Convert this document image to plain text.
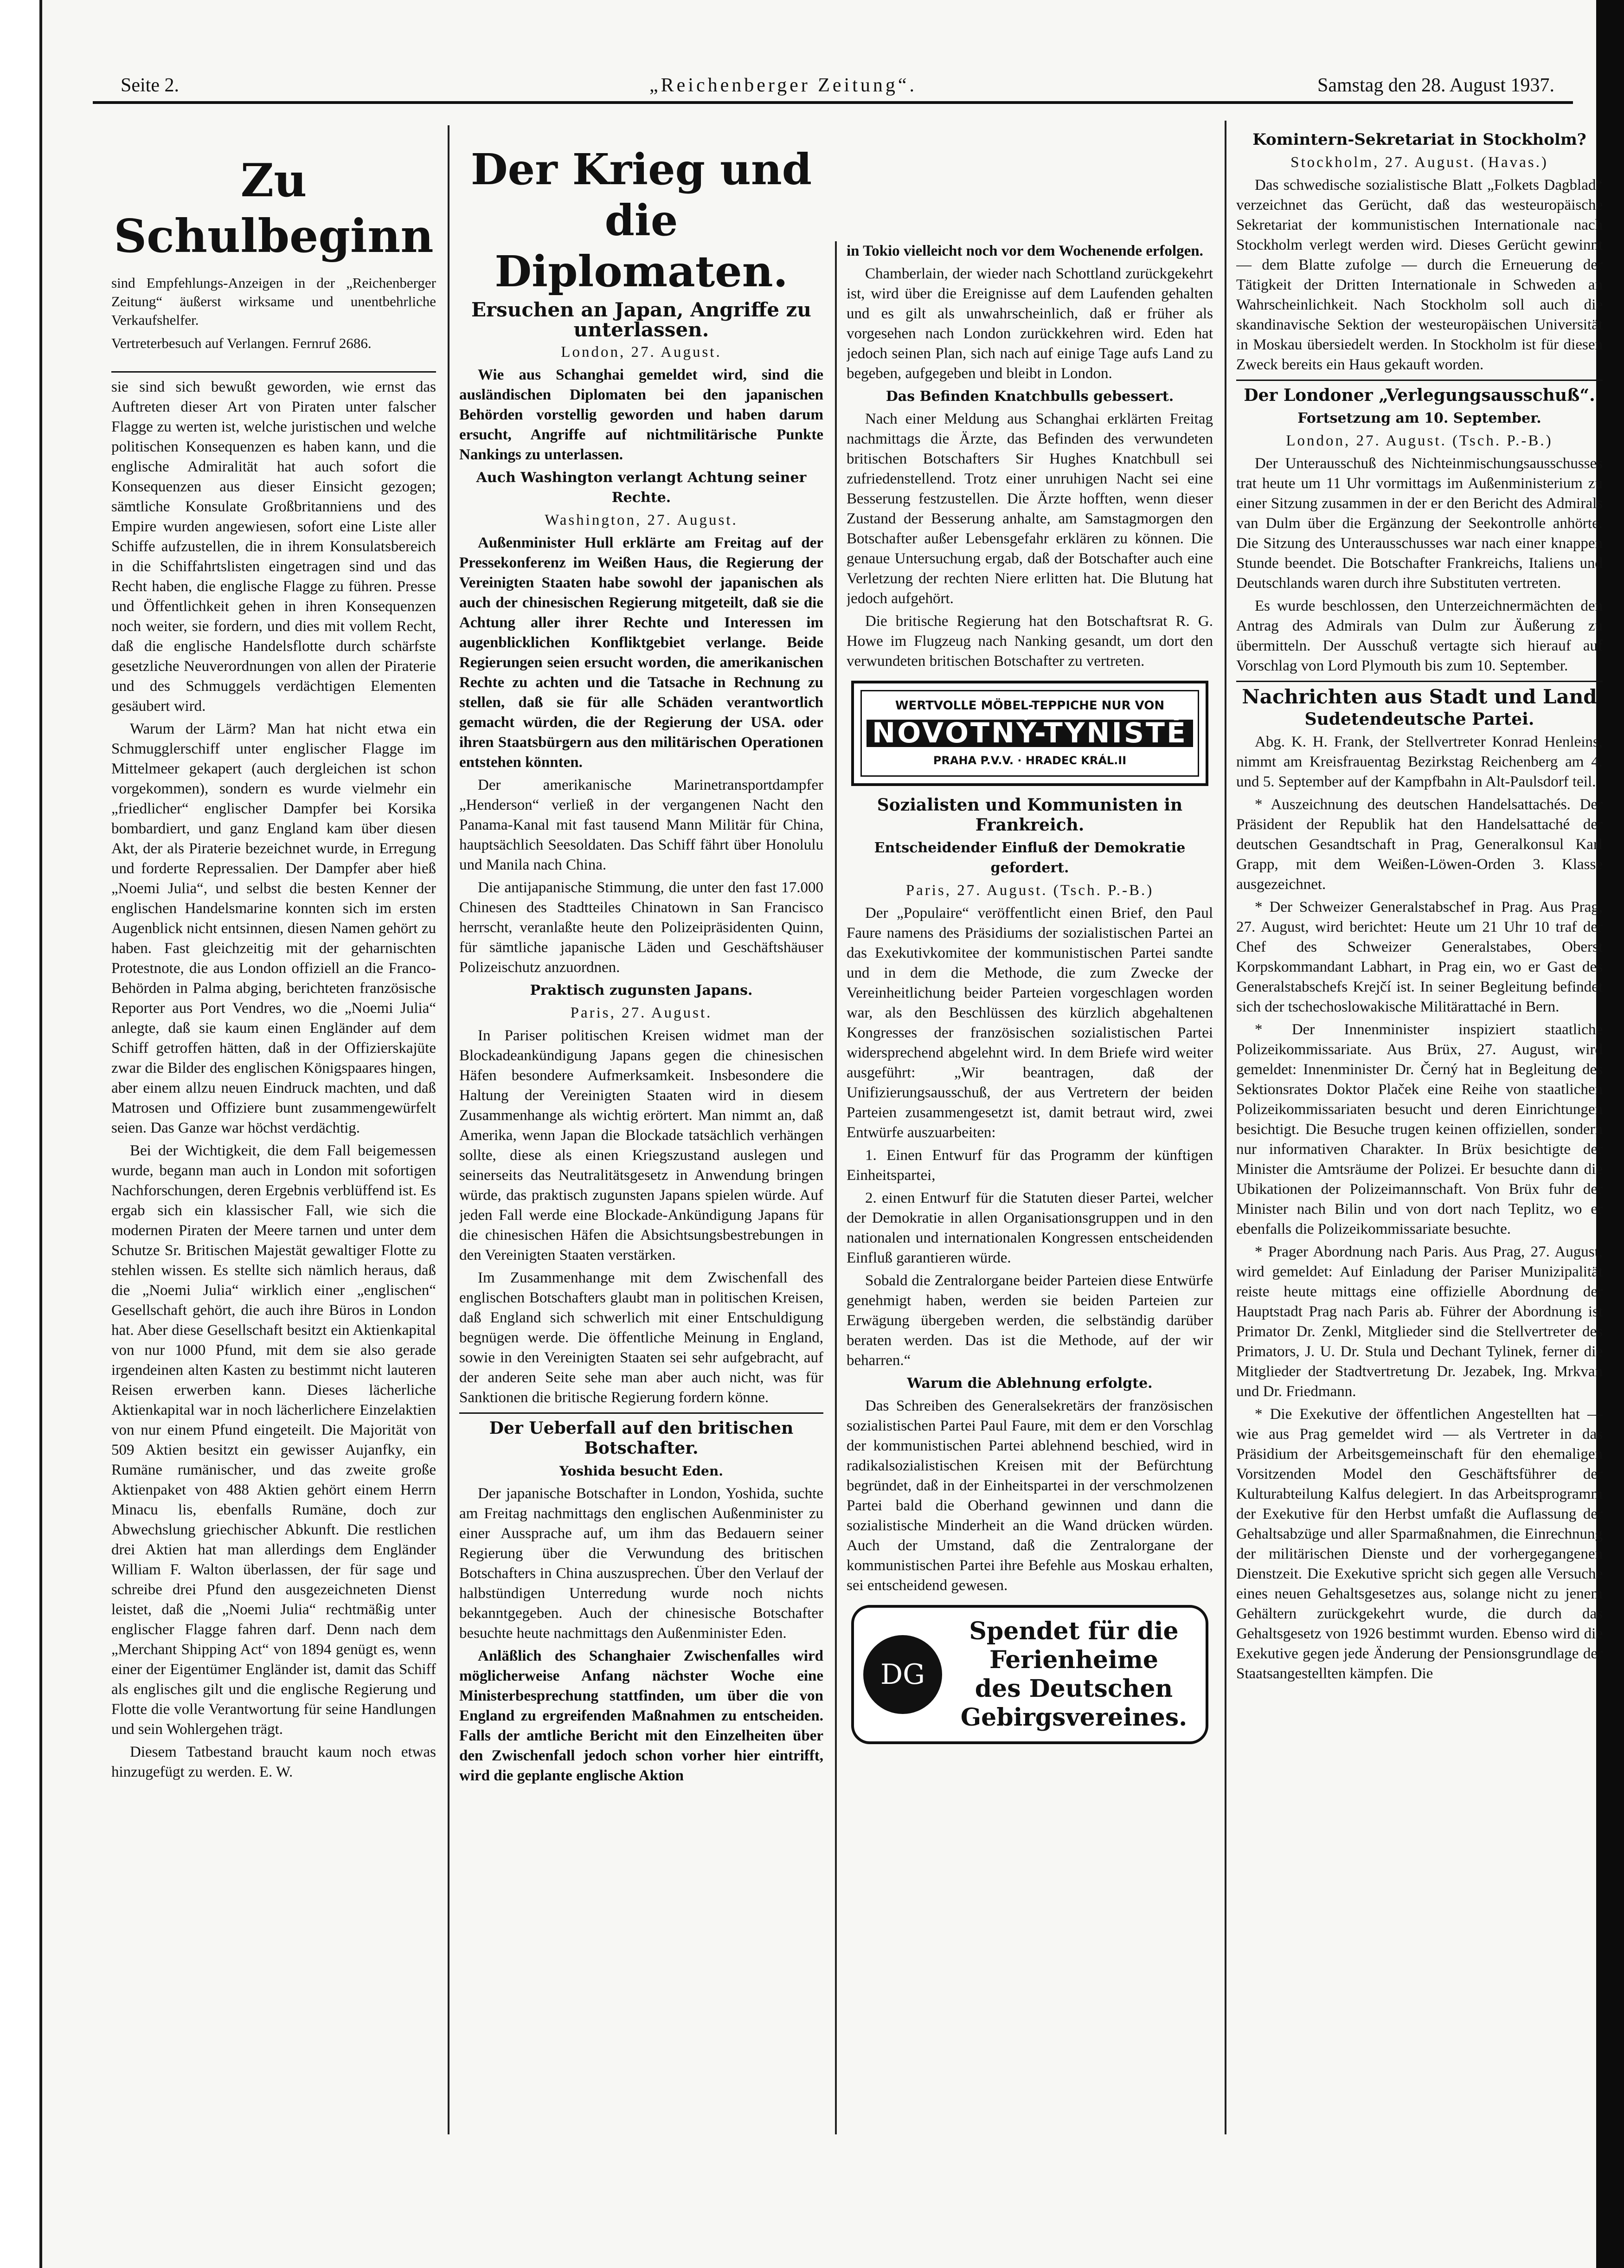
Seite 2.	„Reichenberger Zeitung“.	Samstag den 28. August 1937.
Zu Schulbeginn
sind Empfehlungs-Anzeigen in der „Reichenberger Zeitung“ äußerst wirksame und unentbehrliche Verkaufshelfer.
Vertreterbesuch auf Verlangen. Fernruf 2686.

sie sind sich bewußt geworden, wie ernst das Auftreten dieser Art von Piraten unter falscher Flagge zu werten ist, welche juristischen und welche politischen Konsequenzen es haben kann, und die englische Admiralität hat auch sofort die Konsequenzen aus dieser Einsicht gezogen; sämtliche Konsulate Großbritanniens und des Empire wurden angewiesen, sofort eine Liste aller Schiffe aufzustellen, die in ihrem Konsulatsbereich in die Schiffahrtslisten eingetragen sind und das Recht haben, die englische Flagge zu führen. Presse und Öffentlichkeit gehen in ihren Konsequenzen noch weiter, sie fordern, und dies mit vollem Recht, daß die englische Handelsflotte durch schärfste gesetzliche Neuverordnungen von allen der Piraterie und des Schmuggels verdächtigen Elementen gesäubert wird.

Warum der Lärm? Man hat nicht etwa ein Schmugglerschiff unter englischer Flagge im Mittelmeer gekapert (auch dergleichen ist schon vorgekommen), sondern es wurde vielmehr ein „friedlicher“ englischer Dampfer bei Korsika bombardiert, und ganz England kam über diesen Akt, der als Piraterie bezeichnet wurde, in Erregung und forderte Repressalien. Der Dampfer aber hieß „Noemi Julia“, und selbst die besten Kenner der englischen Handelsmarine konnten sich im ersten Augenblick nicht entsinnen, diesen Namen gehört zu haben. Fast gleichzeitig mit der geharnischten Protestnote, die aus London offiziell an die Franco-Behörden in Palma abging, berichteten französische Reporter aus Port Vendres, wo die „Noemi Julia“ anlegte, daß sie kaum einen Engländer auf dem Schiff getroffen hätten, daß in der Offizierskajüte zwar die Bilder des englischen Königspaares hingen, aber einem allzu neuen Eindruck machten, und daß Matrosen und Offiziere bunt zusammengewürfelt seien. Das Ganze war höchst verdächtig.

Bei der Wichtigkeit, die dem Fall beigemessen wurde, begann man auch in London mit sofortigen Nachforschungen, deren Ergebnis verblüffend ist. Es ergab sich ein klassischer Fall, wie sich die modernen Piraten der Meere tarnen und unter dem Schutze Sr. Britischen Majestät gewaltiger Flotte zu stehlen wissen. Es stellte sich nämlich heraus, daß die „Noemi Julia“ wirklich einer „englischen“ Gesellschaft gehört, die auch ihre Büros in London hat. Aber diese Gesellschaft besitzt ein Aktienkapital von nur 1000 Pfund, mit dem sie also gerade irgendeinen alten Kasten zu bestimmt nicht lauteren Reisen erwerben kann. Dieses lächerliche Aktienkapital war in noch lächerlichere Einzelaktien von nur einem Pfund eingeteilt. Die Majorität von 509 Aktien besitzt ein gewisser Aujanfky, ein Rumäne rumänischer, und das zweite große Aktienpaket von 488 Aktien gehört einem Herrn Minacu lis, ebenfalls Rumäne, doch zur Abwechslung griechischer Abkunft. Die restlichen drei Aktien hat man allerdings dem Engländer William F. Walton überlassen, der für sage und schreibe drei Pfund den ausgezeichneten Dienst leistet, daß die „Noemi Julia“ rechtmäßig unter englischer Flagge fahren darf. Denn nach dem „Merchant Shipping Act“ von 1894 genügt es, wenn einer der Eigentümer Engländer ist, damit das Schiff als englisches gilt und die englische Regierung und Flotte die volle Verantwortung für seine Handlungen und sein Wohlergehen trägt.

Diesem Tatbestand braucht kaum noch etwas hinzugefügt zu werden. E. W.

Der Krieg und die Diplomaten.
Ersuchen an Japan, Angriffe zu unterlassen.
London, 27. August.

Wie aus Schanghai gemeldet wird, sind die ausländischen Diplomaten bei den japanischen Behörden vorstellig geworden und haben darum ersucht, Angriffe auf nichtmilitärische Punkte Nankings zu unterlassen.

Auch Washington verlangt Achtung seiner Rechte.
Washington, 27. August.

Außenminister Hull erklärte am Freitag auf der Pressekonferenz im Weißen Haus, die Regierung der Vereinigten Staaten habe sowohl der japanischen als auch der chinesischen Regierung mitgeteilt, daß sie die Achtung aller ihrer Rechte und Interessen im augenblicklichen Konfliktgebiet verlange. Beide Regierungen seien ersucht worden, die amerikanischen Rechte zu achten und die Tatsache in Rechnung zu stellen, daß sie für alle Schäden verantwortlich gemacht würden, die der Regierung der USA. oder ihren Staatsbürgern aus den militärischen Operationen entstehen könnten.

Der amerikanische Marinetransportdampfer „Henderson“ verließ in der vergangenen Nacht den Panama-Kanal mit fast tausend Mann Militär für China, hauptsächlich Seesoldaten. Das Schiff fährt über Honolulu und Manila nach China.

Die antijapanische Stimmung, die unter den fast 17.000 Chinesen des Stadtteiles Chinatown in San Francisco herrscht, veranlaßte heute den Polizeipräsidenten Quinn, für sämtliche japanische Läden und Geschäftshäuser Polizeischutz anzuordnen.

Praktisch zugunsten Japans.
Paris, 27. August.

In Pariser politischen Kreisen widmet man der Blockadeankündigung Japans gegen die chinesischen Häfen besondere Aufmerksamkeit. Insbesondere die Haltung der Vereinigten Staaten wird in diesem Zusammenhange als wichtig erörtert. Man nimmt an, daß Amerika, wenn Japan die Blockade tatsächlich verhängen sollte, diese als einen Kriegszustand auslegen und seinerseits das Neutralitätsgesetz in Anwendung bringen würde, das praktisch zugunsten Japans spielen würde. Auf jeden Fall werde eine Blockade-Ankündigung Japans für die chinesischen Häfen die Absichtsungsbestrebungen in den Vereinigten Staaten verstärken.

Im Zusammenhange mit dem Zwischenfall des englischen Botschafters glaubt man in politischen Kreisen, daß England sich schwerlich mit einer Entschuldigung begnügen werde. Die öffentliche Meinung in England, sowie in den Vereinigten Staaten sei sehr aufgebracht, auf der anderen Seite sehe man aber auch nicht, was für Sanktionen die britische Regierung fordern könne.

Der Ueberfall auf den britischen Botschafter.
Yoshida besucht Eden.

Der japanische Botschafter in London, Yoshida, suchte am Freitag nachmittags den englischen Außenminister zu einer Aussprache auf, um ihm das Bedauern seiner Regierung über die Verwundung des britischen Botschafters in China auszusprechen. Über den Verlauf der halbstündigen Unterredung wurde noch nichts bekanntgegeben. Auch der chinesische Botschafter besuchte heute nachmittags den Außenminister Eden.

Anläßlich des Schanghaier Zwischenfalles wird möglicherweise Anfang nächster Woche eine Ministerbesprechung stattfinden, um über die von England zu ergreifenden Maßnahmen zu entscheiden. Falls der amtliche Bericht mit den Einzelheiten über den Zwischenfall jedoch schon vorher hier eintrifft, wird die geplante englische Aktion

in Tokio vielleicht noch vor dem Wochenende erfolgen.

Chamberlain, der wieder nach Schottland zurückgekehrt ist, wird über die Ereignisse auf dem Laufenden gehalten und es gilt als unwahrscheinlich, daß er früher als vorgesehen nach London zurückkehren wird. Eden hat jedoch seinen Plan, sich nach auf einige Tage aufs Land zu begeben, aufgegeben und bleibt in London.

Das Befinden Knatchbulls gebessert.

Nach einer Meldung aus Schanghai erklärten Freitag nachmittags die Ärzte, das Befinden des verwundeten britischen Botschafters Sir Hughes Knatchbull sei zufriedenstellend. Trotz einer unruhigen Nacht sei eine Besserung festzustellen. Die Ärzte hofften, wenn dieser Zustand der Besserung anhalte, am Samstagmorgen den Botschafter außer Lebensgefahr erklären zu können. Die genaue Untersuchung ergab, daß der Botschafter auch eine Verletzung der rechten Niere erlitten hat. Die Blutung hat jedoch aufgehört.

Die britische Regierung hat den Botschaftsrat R. G. Howe im Flugzeug nach Nanking gesandt, um dort den verwundeten britischen Botschafter zu vertreten.

WERTVOLLE MÖBEL-TEPPICHE NUR VON
NOVOTNÝ-TYNISTĚ
PRAHA P.V.V. · HRADEC KRÁL.II
Sozialisten und Kommunisten in Frankreich.
Entscheidender Einfluß der Demokratie gefordert.
Paris, 27. August. (Tsch. P.-B.)

Der „Populaire“ veröffentlicht einen Brief, den Paul Faure namens des Präsidiums der sozialistischen Partei an das Exekutivkomitee der kommunistischen Partei sandte und in dem die Methode, die zum Zwecke der Vereinheitlichung beider Parteien vorgeschlagen worden war, als den Beschlüssen des kürzlich abgehaltenen Kongresses der französischen sozialistischen Partei widersprechend abgelehnt wird. In dem Briefe wird weiter ausgeführt: „Wir beantragen, daß der Unifizierungsausschuß, der aus Vertretern der beiden Parteien zusammengesetzt ist, damit betraut wird, zwei Entwürfe auszuarbeiten:

1. Einen Entwurf für das Programm der künftigen Einheitspartei,

2. einen Entwurf für die Statuten dieser Partei, welcher der Demokratie in allen Organisationsgruppen und in den nationalen und internationalen Kongressen entscheidenden Einfluß garantieren würde.

Sobald die Zentralorgane beider Parteien diese Entwürfe genehmigt haben, werden sie beiden Parteien zur Erwägung übergeben werden, die selbständig darüber beraten werden. Das ist die Methode, auf der wir beharren.“

Warum die Ablehnung erfolgte.

Das Schreiben des Generalsekretärs der französischen sozialistischen Partei Paul Faure, mit dem er den Vorschlag der kommunistischen Partei ablehnend beschied, wird in radikalsozialistischen Kreisen mit der Befürchtung begründet, daß in der Einheitspartei in der verschmolzenen Partei bald die Oberhand gewinnen und dann die sozialistische Minderheit an die Wand drücken würden. Auch der Umstand, daß die Zentralorgane der kommunistischen Partei ihre Befehle aus Moskau erhalten, sei entscheidend gewesen.

DG
Spendet für die
Ferienheime
des Deutschen
Gebirgsvereines.
Komintern-Sekretariat in Stockholm?
Stockholm, 27. August. (Havas.)

Das schwedische sozialistische Blatt „Folkets Dagblad“ verzeichnet das Gerücht, daß das westeuropäische Sekretariat der kommunistischen Internationale nach Stockholm verlegt werden wird. Dieses Gerücht gewinnt — dem Blatte zufolge — durch die Erneuerung der Tätigkeit der Dritten Internationale in Schweden an Wahrscheinlichkeit. Nach Stockholm soll auch die skandinavische Sektion der westeuropäischen Universität in Moskau übersiedelt werden. In Stockholm ist für diesen Zweck bereits ein Haus gekauft worden.

Der Londoner „Verlegungsausschuß“.
Fortsetzung am 10. September.
London, 27. August. (Tsch. P.-B.)

Der Unterausschuß des Nichteinmischungsausschusses trat heute um 11 Uhr vormittags im Außenministerium zu einer Sitzung zusammen in der er den Bericht des Admirals van Dulm über die Ergänzung der Seekontrolle anhörte. Die Sitzung des Unterausschusses war nach einer knappen Stunde beendet. Die Botschafter Frankreichs, Italiens und Deutschlands waren durch ihre Substituten vertreten.

Es wurde beschlossen, den Unterzeichnermächten den Antrag des Admirals van Dulm zur Äußerung zu übermitteln. Der Ausschuß vertagte sich hierauf auf Vorschlag von Lord Plymouth bis zum 10. September.

Nachrichten aus Stadt und Land
Sudetendeutsche Partei.

Abg. K. H. Frank, der Stellvertreter Konrad Henleins, nimmt am Kreisfrauentag Bezirkstag Reichenberg am 4. und 5. September auf der Kampfbahn in Alt-Paulsdorf teil.

* Auszeichnung des deutschen Handelsattachés. Der Präsident der Republik hat den Handelsattaché der deutschen Gesandtschaft in Prag, Generalkonsul Karl Grapp, mit dem Weißen-Löwen-Orden 3. Klasse ausgezeichnet.

* Der Schweizer Generalstabschef in Prag. Aus Prag, 27. August, wird berichtet: Heute um 21 Uhr 10 traf der Chef des Schweizer Generalstabes, Oberst Korpskommandant Labhart, in Prag ein, wo er Gast des Generalstabschefs Krejčí ist. In seiner Begleitung befindet sich der tschechoslowakische Militärattaché in Bern.

* Der Innenminister inspiziert staatliche Polizeikommissariate. Aus Brüx, 27. August, wird gemeldet: Innenminister Dr. Černý hat in Begleitung des Sektionsrates Doktor Plaček eine Reihe von staatlichen Polizeikommissariaten besucht und deren Einrichtungen besichtigt. Die Besuche trugen keinen offiziellen, sondern nur informativen Charakter. In Brüx besichtigte der Minister die Amtsräume der Polizei. Er besuchte dann die Ubikationen der Polizeimannschaft. Von Brüx fuhr der Minister nach Bilin und von dort nach Teplitz, wo er ebenfalls die Polizeikommissariate besuchte.

* Prager Abordnung nach Paris. Aus Prag, 27. August, wird gemeldet: Auf Einladung der Pariser Munizipalität reiste heute mittags eine offizielle Abordnung der Hauptstadt Prag nach Paris ab. Führer der Abordnung ist Primator Dr. Zenkl, Mitglieder sind die Stellvertreter des Primators, J. U. Dr. Stula und Dechant Tylinek, ferner die Mitglieder der Stadtvertretung Dr. Jezabek, Ing. Mrkvan und Dr. Friedmann.

* Die Exekutive der öffentlichen Angestellten hat — wie aus Prag gemeldet wird — als Vertreter in das Präsidium der Arbeitsgemeinschaft für den ehemaligen Vorsitzenden Model den Geschäftsführer der Kulturabteilung Kalfus delegiert. In das Arbeitsprogramm der Exekutive für den Herbst umfaßt die Auflassung der Gehaltsabzüge und aller Sparmaßnahmen, die Einrechnung der militärischen Dienste und der vorhergegangenen Dienstzeit. Die Exekutive spricht sich gegen alle Versuche eines neuen Gehaltsgesetzes aus, solange nicht zu jenem Gehältern zurückgekehrt wurde, die durch das Gehaltsgesetz von 1926 bestimmt wurden. Ebenso wird die Exekutive gegen jede Änderung der Pensionsgrundlage der Staatsangestellten kämpfen. Die
